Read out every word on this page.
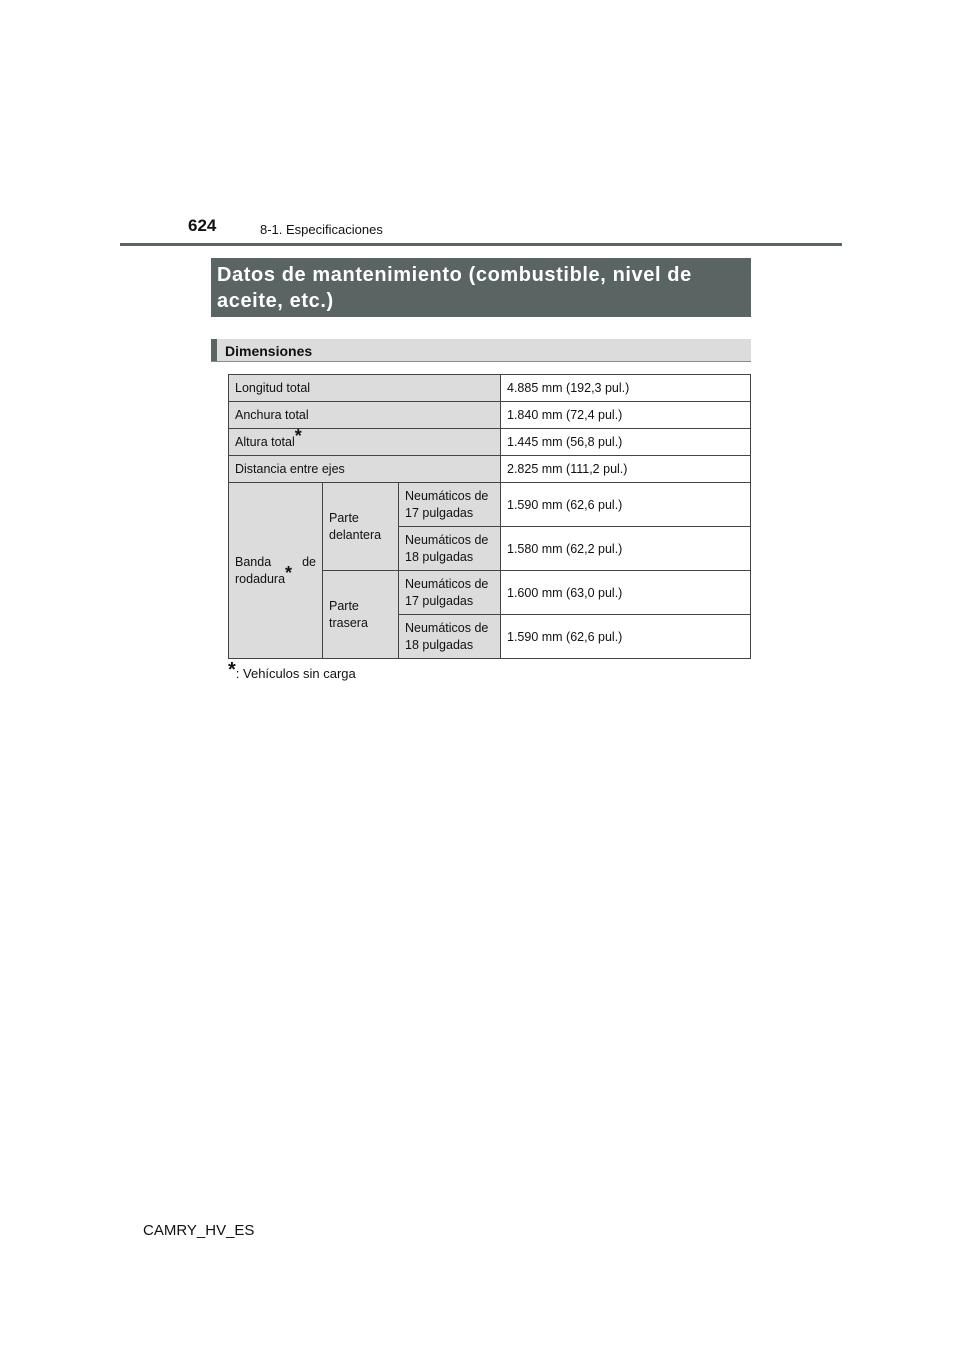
624	8-1. Especificaciones
Datos de mantenimiento (combustible, nivel de aceite, etc.)
Dimensiones
Longitud total			4.885 mm (192,3 pul.)
Anchura total			1.840 mm (72,4 pul.)
Altura total*			1.445 mm (56,8 pul.)
Distancia entre ejes			2.825 mm (111,2 pul.)

Banda de
rodadura*	Parte delantera	Neumáticos de 17 pulgadas	1.590 mm (62,6 pul.)
		Neumáticos de 18 pulgadas	1.580 mm (62,2 pul.)
	Parte trasera	Neumáticos de 17 pulgadas	1.600 mm (63,0 pul.)
		Neumáticos de 18 pulgadas	1.590 mm (62,6 pul.)
*: Vehículos sin carga
CAMRY_HV_ES
